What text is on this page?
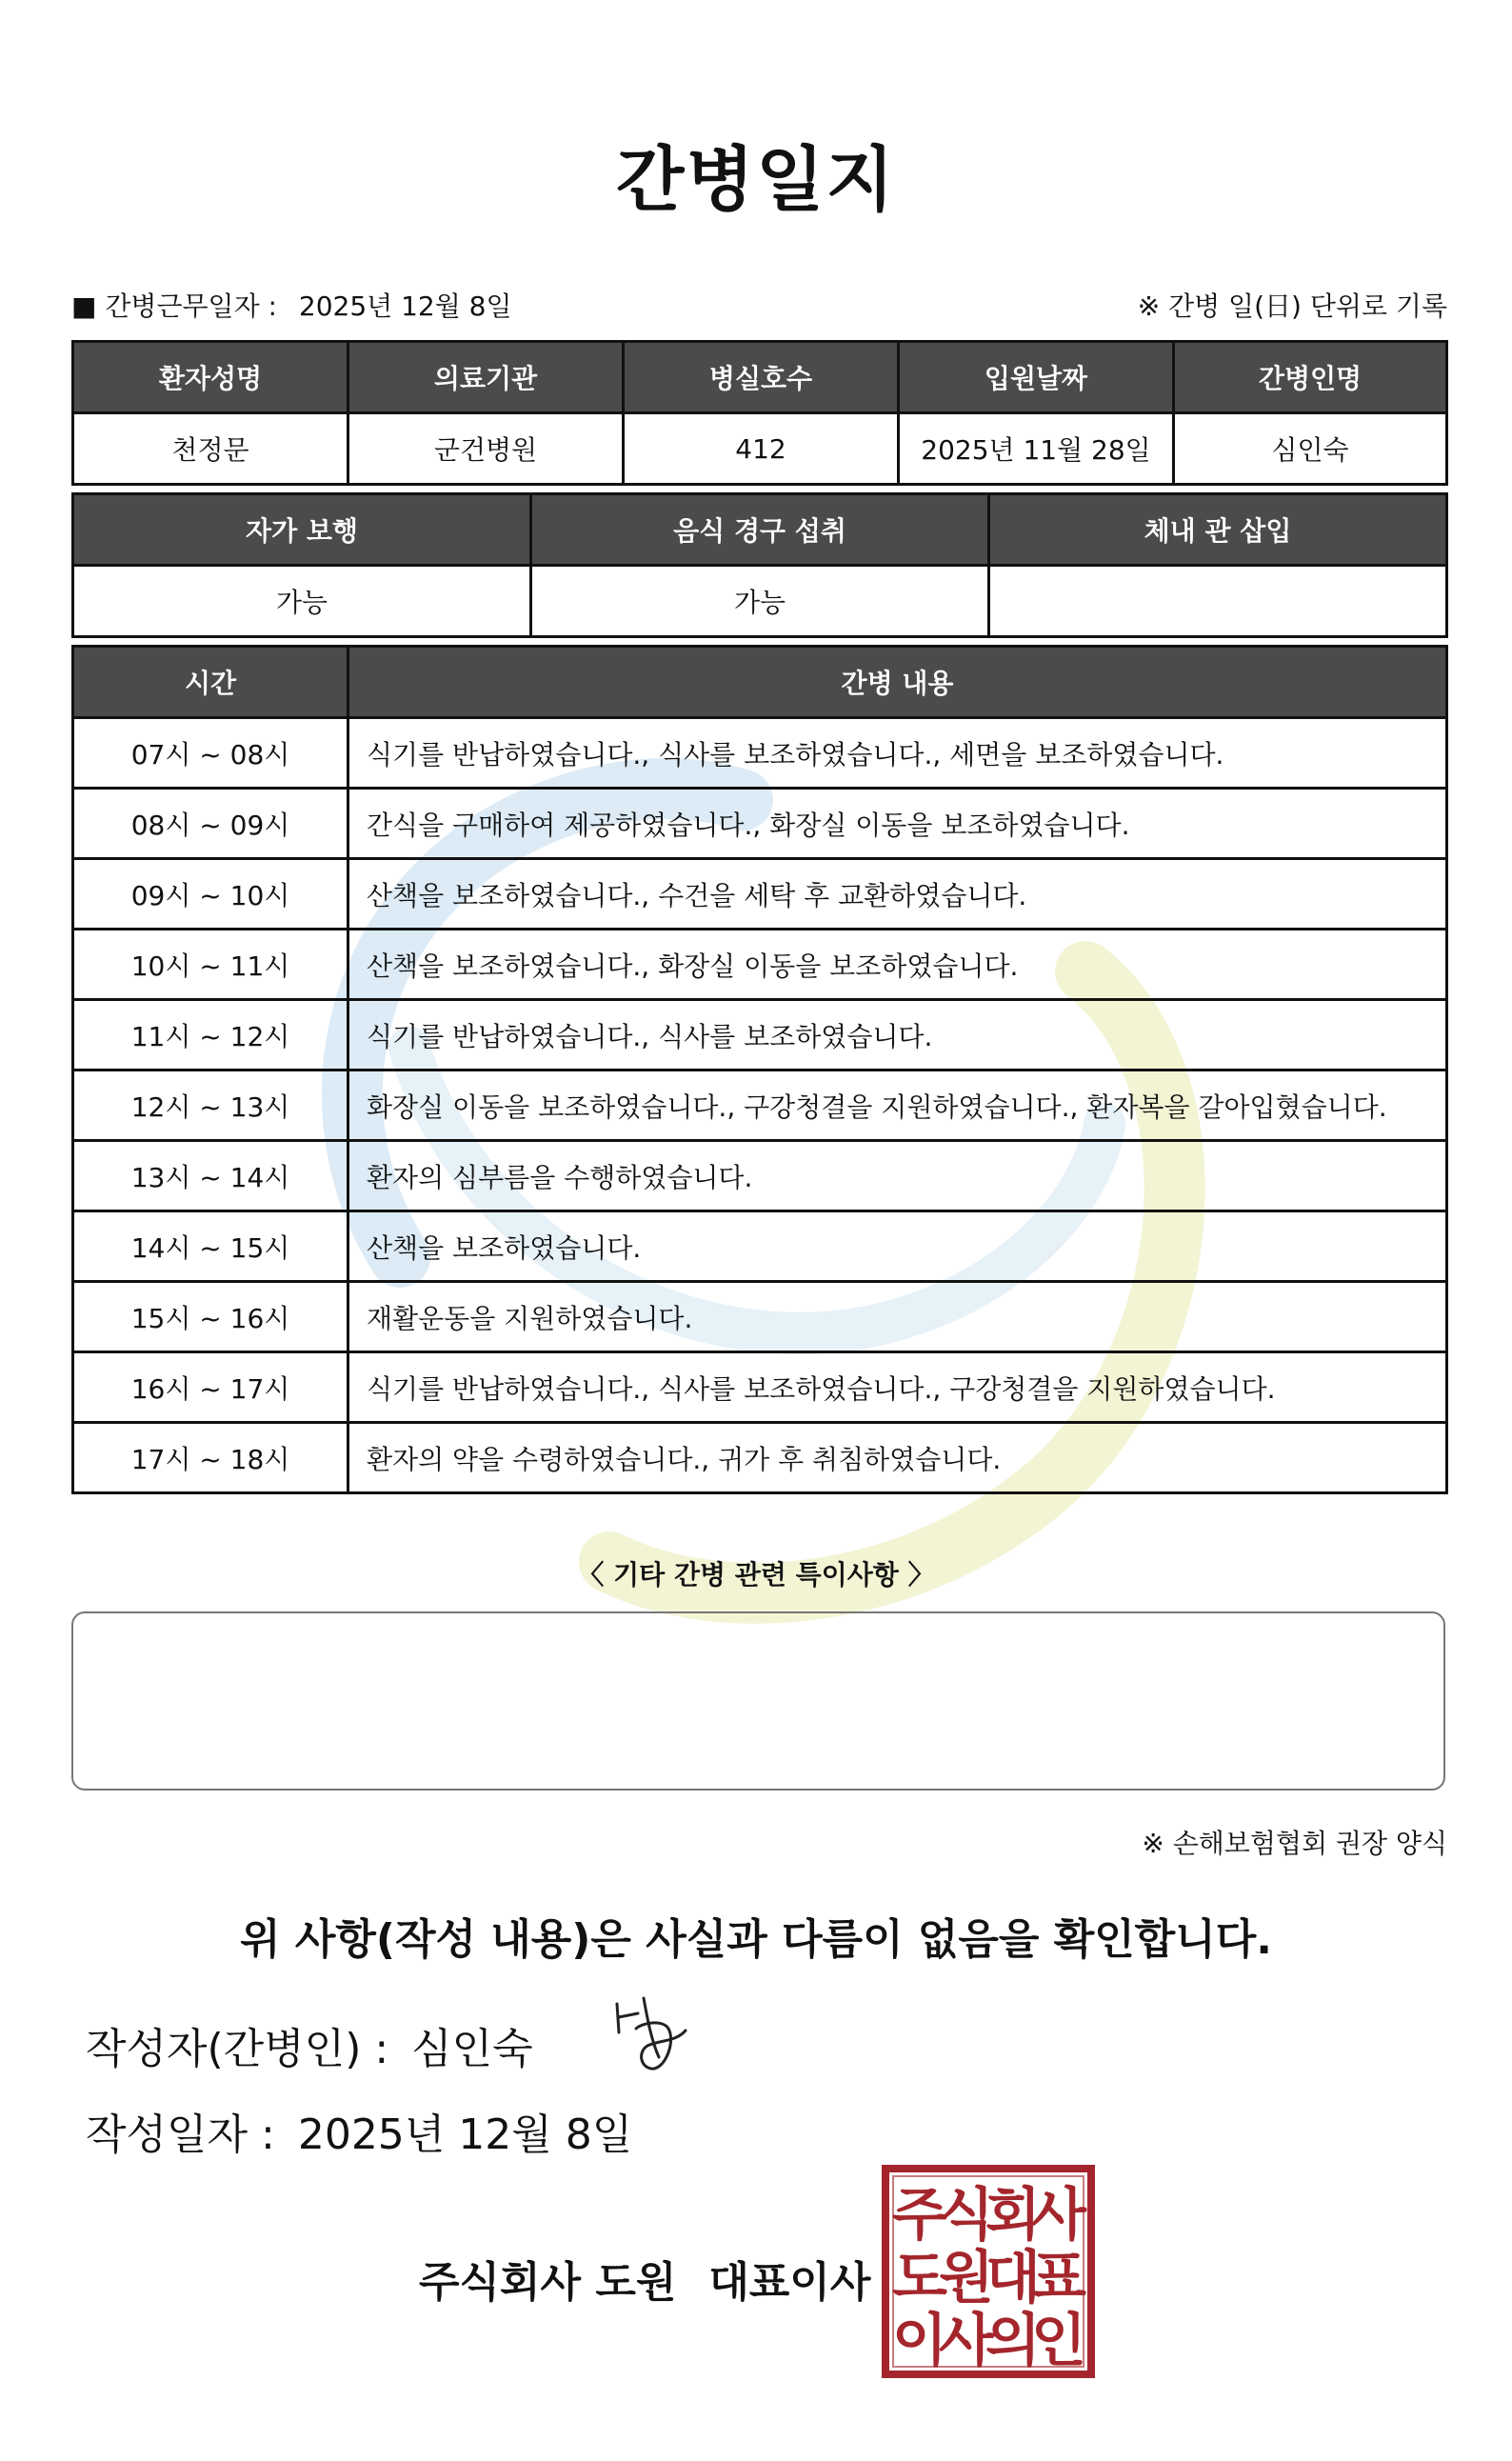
간병일지
■ 간병근무일자 : 2025년 12월 8일	※ 간병 일(日) 단위로 기록
환자성명	의료기관	병실호수	입원날짜	간병인명
천정문	군건병원	412	2025년 11월 28일	심인숙
자가 보행	음식 경구 섭취	체내 관 삽입
가능	가능	
시간	간병 내용
07시 ~ 08시	식기를 반납하였습니다., 식사를 보조하였습니다., 세면을 보조하였습니다.
08시 ~ 09시	간식을 구매하여 제공하였습니다., 화장실 이동을 보조하였습니다.
09시 ~ 10시	산책을 보조하였습니다., 수건을 세탁 후 교환하였습니다.
10시 ~ 11시	산책을 보조하였습니다., 화장실 이동을 보조하였습니다.
11시 ~ 12시	식기를 반납하였습니다., 식사를 보조하였습니다.
12시 ~ 13시	화장실 이동을 보조하였습니다., 구강청결을 지원하였습니다., 환자복을 갈아입혔습니다.
13시 ~ 14시	환자의 심부름을 수행하였습니다.
14시 ~ 15시	산책을 보조하였습니다.
15시 ~ 16시	재활운동을 지원하였습니다.
16시 ~ 17시	식기를 반납하였습니다., 식사를 보조하였습니다., 구강청결을 지원하였습니다.
17시 ~ 18시	환자의 약을 수령하였습니다., 귀가 후 취침하였습니다.
〈 기타 간병 관련 특이사항 〉
※ 손해보험협회 권장 양식
위 사항(작성 내용)은 사실과 다름이 없음을 확인합니다.
작성자(간병인) : 심인숙
작성일자 : 2025년 12월 8일
주식회사 도원 대표이사
주
식
회
사
도
원
대
표
이
사
의
인
